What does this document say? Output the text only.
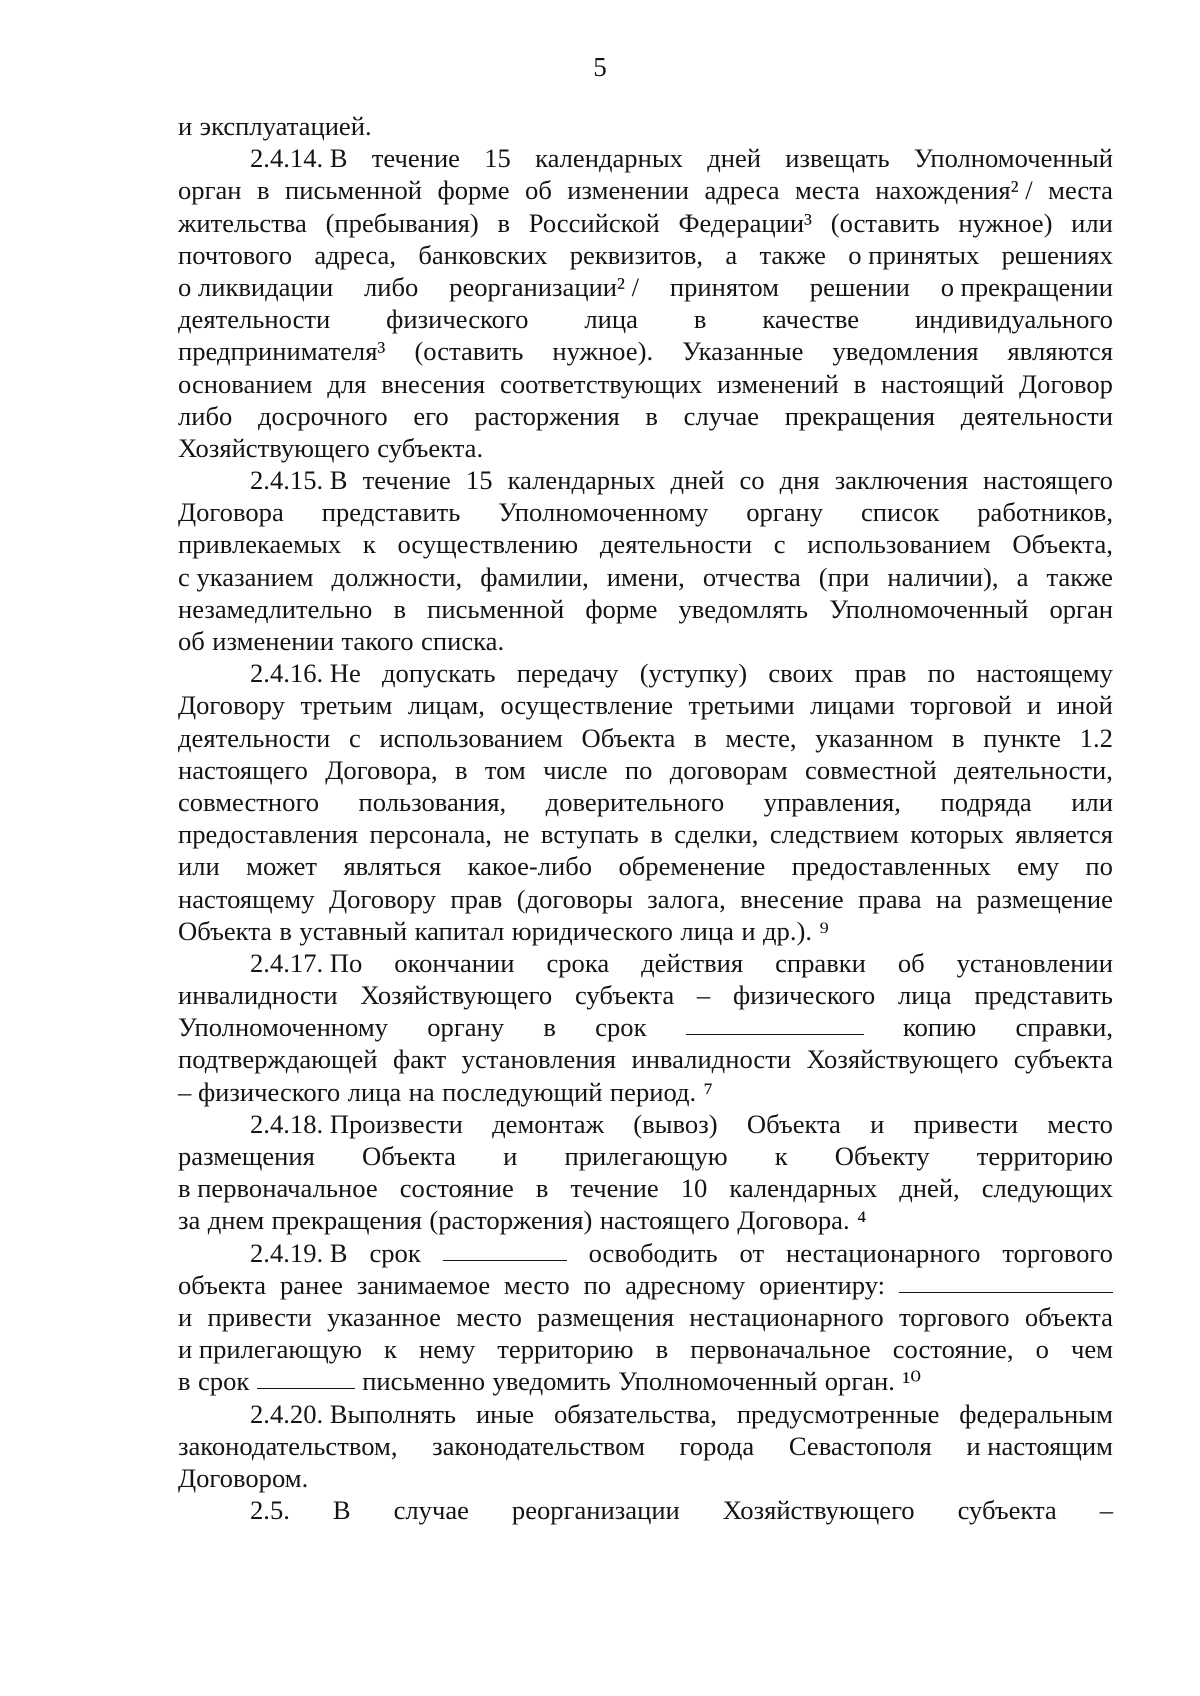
5
и эксплуатацией.
2.4.14. В течение 15 календарных дней извещать Уполномоченный
орган в письменной форме об изменении адреса места нахождения² / места
жительства (пребывания) в Российской Федерации³ (оставить нужное) или
почтового адреса, банковских реквизитов, а также о принятых решениях
о ликвидации либо реорганизации² / принятом решении о прекращении
деятельности физического лица в качестве индивидуального
предпринимателя³ (оставить нужное). Указанные уведомления являются
основанием для внесения соответствующих изменений в настоящий Договор
либо досрочного его расторжения в случае прекращения деятельности
Хозяйствующего субъекта.
2.4.15. В течение 15 календарных дней со дня заключения настоящего
Договора представить Уполномоченному органу список работников,
привлекаемых к осуществлению деятельности с использованием Объекта,
с указанием должности, фамилии, имени, отчества (при наличии), а также
незамедлительно в письменной форме уведомлять Уполномоченный орган
об изменении такого списка.
2.4.16. Не допускать передачу (уступку) своих прав по настоящему
Договору третьим лицам, осуществление третьими лицами торговой и иной
деятельности с использованием Объекта в месте, указанном в пункте 1.2
настоящего Договора, в том числе по договорам совместной деятельности,
совместного пользования, доверительного управления, подряда или
предоставления персонала, не вступать в сделки, следствием которых является
или может являться какое-либо обременение предоставленных ему по
настоящему Договору прав (договоры залога, внесение права на размещение
Объекта в уставный капитал юридического лица и др.). ⁹
2.4.17. По окончании срока действия справки об установлении
инвалидности Хозяйствующего субъекта – физического лица представить
Уполномоченному органу в срок	копию справки,
подтверждающей факт установления инвалидности Хозяйствующего субъекта
– физического лица на последующий период. ⁷
2.4.18. Произвести демонтаж (вывоз) Объекта и привести место
размещения Объекта и прилегающую к Объекту территорию
в первоначальное состояние в течение 10 календарных дней, следующих
за днем прекращения (расторжения) настоящего Договора. ⁴
2.4.19. В срок	освободить от нестационарного торгового
объекта ранее занимаемое место по адресному ориентиру:
и привести указанное место размещения нестационарного торгового объекта
и прилегающую к нему территорию в первоначальное состояние, о чем
в срок	письменно уведомить Уполномоченный орган. ¹⁰
2.4.20. Выполнять иные обязательства, предусмотренные федеральным
законодательством, законодательством города Севастополя и настоящим
Договором.
2.5. В случае реорганизации Хозяйствующего субъекта –
